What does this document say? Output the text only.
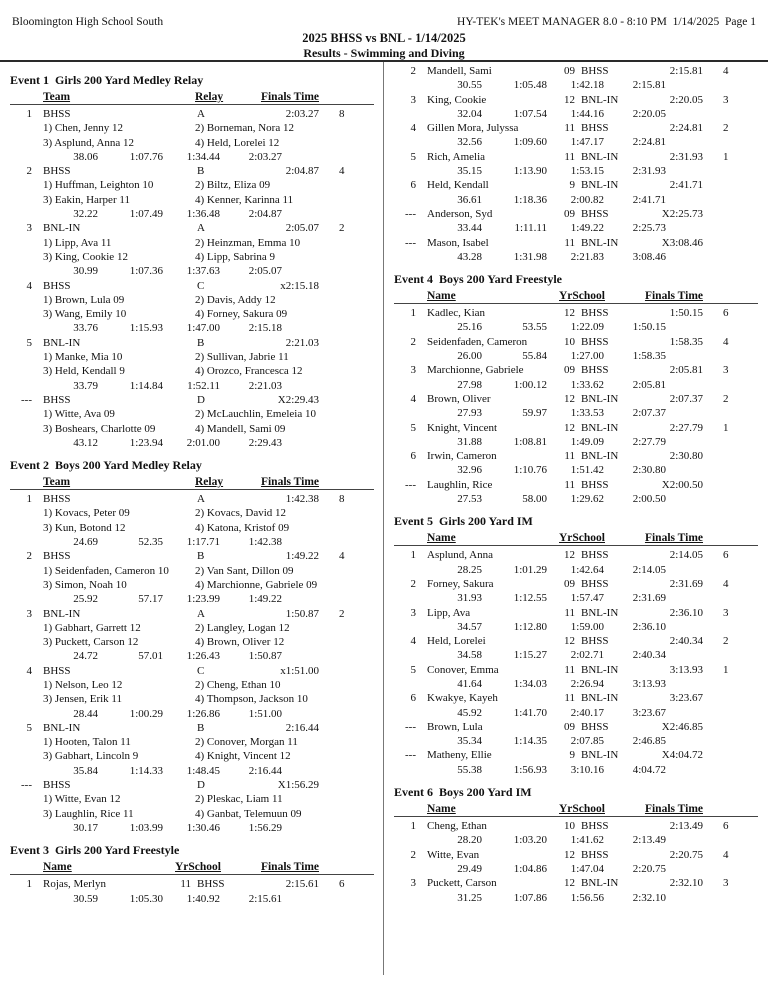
Bloomington High School South	HY-TEK's MEET MANAGER 8.0 - 8:10 PM  1/14/2025  Page 1
2025 BHSS vs BNL - 1/14/2025
Results - Swimming and Diving
Event 1  Girls 200 Yard Medley Relay
Team	Relay	Finals Time
1 BHSS	A	2:03.27	8
1) Chen, Jenny 12	2) Borneman, Nora 12
3) Asplund, Anna 12	4) Held, Lorelei 12
38.06	1:07.76	1:34.44	2:03.27
2 BHSS	B	2:04.87	4
1) Huffman, Leighton 10	2) Biltz, Eliza 09
3) Eakin, Harper 11	4) Kenner, Karinna 11
32.22	1:07.49	1:36.48	2:04.87
3 BNL-IN	A	2:05.07	2
1) Lipp, Ava 11	2) Heinzman, Emma 10
3) King, Cookie 12	4) Lipp, Sabrina 9
30.99	1:07.36	1:37.63	2:05.07
4 BHSS	C	x2:15.18
1) Brown, Lula 09	2) Davis, Addy 12
3) Wang, Emily 10	4) Forney, Sakura 09
33.76	1:15.93	1:47.00	2:15.18
5 BNL-IN	B	2:21.03
1) Manke, Mia 10	2) Sullivan, Jabrie 11
3) Held, Kendall 9	4) Orozco, Francesca 12
33.79	1:14.84	1:52.11	2:21.03
--- BHSS	D	X2:29.43
1) Witte, Ava 09	2) McLauchlin, Emeleia 10
3) Boshears, Charlotte 09	4) Mandell, Sami 09
43.12	1:23.94	2:01.00	2:29.43
Event 2  Boys 200 Yard Medley Relay
Team	Relay	Finals Time
1 BHSS	A	1:42.38	8
1) Kovacs, Peter 09	2) Kovacs, David 12
3) Kun, Botond 12	4) Katona, Kristof 09
24.69	52.35	1:17.71	1:42.38
2 BHSS	B	1:49.22	4
1) Seidenfaden, Cameron 10	2) Van Sant, Dillon 09
3) Simon, Noah 10	4) Marchionne, Gabriele 09
25.92	57.17	1:23.99	1:49.22
3 BNL-IN	A	1:50.87	2
1) Gabhart, Garrett 12	2) Langley, Logan 12
3) Puckett, Carson 12	4) Brown, Oliver 12
24.72	57.01	1:26.43	1:50.87
4 BHSS	C	x1:51.00
1) Nelson, Leo 12	2) Cheng, Ethan 10
3) Jensen, Erik 11	4) Thompson, Jackson 10
28.44	1:00.29	1:26.86	1:51.00
5 BNL-IN	B	2:16.44
1) Hooten, Talon 11	2) Conover, Morgan 11
3) Gabhart, Lincoln 9	4) Knight, Vincent 12
35.84	1:14.33	1:48.45	2:16.44
--- BHSS	D	X1:56.29
1) Witte, Evan 12	2) Pleskac, Liam 11
3) Laughlin, Rice 11	4) Ganbat, Telemuun 09
30.17	1:03.99	1:30.46	1:56.29
Event 3  Girls 200 Yard Freestyle
Name	YrSchool	Finals Time
1 Rojas, Merlyn	11 BHSS	2:15.61	6
30.59	1:05.30	1:40.92	2:15.61
2 Mandell, Sami	09 BHSS	2:15.81	4
30.55	1:05.48	1:42.18	2:15.81
3 King, Cookie	12 BNL-IN	2:20.05	3
32.04	1:07.54	1:44.16	2:20.05
4 Gillen Mora, Julyssa	11 BHSS	2:24.81	2
32.56	1:09.60	1:47.17	2:24.81
5 Rich, Amelia	11 BNL-IN	2:31.93	1
35.15	1:13.90	1:53.15	2:31.93
6 Held, Kendall	9 BNL-IN	2:41.71
36.61	1:18.36	2:00.82	2:41.71
--- Anderson, Syd	09 BHSS	X2:25.73
33.44	1:11.11	1:49.22	2:25.73
--- Mason, Isabel	11 BNL-IN	X3:08.46
43.28	1:31.98	2:21.83	3:08.46
Event 4  Boys 200 Yard Freestyle
Name	YrSchool	Finals Time
1 Kadlec, Kian	12 BHSS	1:50.15	6
25.16	53.55	1:22.09	1:50.15
2 Seidenfaden, Cameron	10 BHSS	1:58.35	4
26.00	55.84	1:27.00	1:58.35
3 Marchionne, Gabriele	09 BHSS	2:05.81	3
27.98	1:00.12	1:33.62	2:05.81
4 Brown, Oliver	12 BNL-IN	2:07.37	2
27.93	59.97	1:33.53	2:07.37
5 Knight, Vincent	12 BNL-IN	2:27.79	1
31.88	1:08.81	1:49.09	2:27.79
6 Irwin, Cameron	11 BNL-IN	2:30.80
32.96	1:10.76	1:51.42	2:30.80
--- Laughlin, Rice	11 BHSS	X2:00.50
27.53	58.00	1:29.62	2:00.50
Event 5  Girls 200 Yard IM
Name	YrSchool	Finals Time
1 Asplund, Anna	12 BHSS	2:14.05	6
28.25	1:01.29	1:42.64	2:14.05
2 Forney, Sakura	09 BHSS	2:31.69	4
31.93	1:12.55	1:57.47	2:31.69
3 Lipp, Ava	11 BNL-IN	2:36.10	3
34.57	1:12.80	1:59.00	2:36.10
4 Held, Lorelei	12 BHSS	2:40.34	2
34.58	1:15.27	2:02.71	2:40.34
5 Conover, Emma	11 BNL-IN	3:13.93	1
41.64	1:34.03	2:26.94	3:13.93
6 Kwakye, Kayeh	11 BNL-IN	3:23.67
45.92	1:41.70	2:40.17	3:23.67
--- Brown, Lula	09 BHSS	X2:46.85
35.34	1:14.35	2:07.85	2:46.85
--- Matheny, Ellie	9 BNL-IN	X4:04.72
55.38	1:56.93	3:10.16	4:04.72
Event 6  Boys 200 Yard IM
Name	YrSchool	Finals Time
1 Cheng, Ethan	10 BHSS	2:13.49	6
28.20	1:03.20	1:41.62	2:13.49
2 Witte, Evan	12 BHSS	2:20.75	4
29.49	1:04.86	1:47.04	2:20.75
3 Puckett, Carson	12 BNL-IN	2:32.10	3
31.25	1:07.86	1:56.56	2:32.10
